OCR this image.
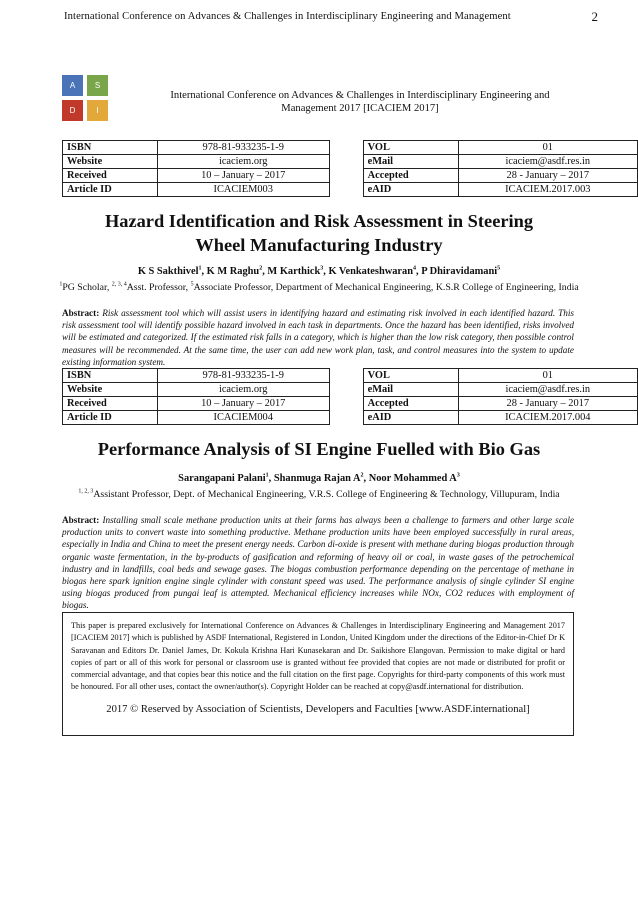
International Conference on Advances & Challenges in Interdisciplinary Engineering and Management	2
A	S
D	I
International Conference on Advances & Challenges in Interdisciplinary Engineering and
Management 2017 [ICACIEM 2017]
ISBN	978-81-933235-1-9		VOL	01
Website	icaciem.org		eMail	icaciem@asdf.res.in
Received	10 – January – 2017		Accepted	28 - January – 2017
Article ID	ICACIEM003		eAID	ICACIEM.2017.003
Hazard Identification and Risk Assessment in Steering
Wheel Manufacturing Industry
K S Sakthivel$^1$, K M Raghu$^2$, M Karthick$^3$, K Venkateshwaran$^4$, P Dhiravidamani$^5$
$^1$PG Scholar, $^{2, 3, 4}$Asst. Professor, $^5$Associate Professor, Department of Mechanical Engineering, K.S.R College of Engineering, India
Abstract: Risk assessment tool which will assist users in identifying hazard and estimating risk involved in each identified hazard. This risk assessment tool will identify possible hazard involved in each task in departments. Once the hazard has been identified, risks involved will be estimated and categorized. If the estimated risk falls in a category, which is higher than the low risk category, then possible control measures will be recommended. At the same time, the user can add new work plan, task, and control measures into the system to update existing information system.
ISBN	978-81-933235-1-9		VOL	01
Website	icaciem.org		eMail	icaciem@asdf.res.in
Received	10 – January – 2017		Accepted	28 - January – 2017
Article ID	ICACIEM004		eAID	ICACIEM.2017.004
Performance Analysis of SI Engine Fuelled with Bio Gas
Sarangapani Palani$^1$, Shanmuga Rajan $A^2$, Noor Mohammed $A^3$
$^{1, 2, 3}$Assistant Professor, Dept. of Mechanical Engineering, V.R.S. College of Engineering & Technology, Villupuram, India
Abstract: Installing small scale methane production units at their farms has always been a challenge to farmers and other large scale production units to convert waste into something productive. Methane production units have been employed successfully in rural areas, especially in India and China to meet the present energy needs. Carbon di-oxide is present with methane during biogas production through organic waste fermentation, in the by-products of gasification and reforming of heavy oil or coal, in waste gases of the petrochemical industry and in landfills, coal beds and sewage gases. The biogas combustion performance depending on the percentage of methane in biogas here spark ignition engine single cylinder with constant speed was used. The performance analysis of single cylinder SI engine using biogas produced from pungai leaf is attempted. Mechanical efficiency increases while NOx, CO2 reduces with employment of biogas.
This paper is prepared exclusively for International Conference on Advances & Challenges in Interdisciplinary Engineering and Management 2017 [ICACIEM 2017] which is published by ASDF International, Registered in London, United Kingdom under the directions of the Editor-in-Chief Dr K Saravanan and Editors Dr. Daniel James, Dr. Kokula Krishna Hari Kunasekaran and Dr. Saikishore Elangovan. Permission to make digital or hard copies of part or all of this work for personal or classroom use is granted without fee provided that copies are not made or distributed for profit or commercial advantage, and that copies bear this notice and the full citation on the first page. Copyrights for third-party components of this work must be honoured. For all other uses, contact the owner/author(s). Copyright Holder can be reached at copy@asdf.international for distribution.
2017 © Reserved by Association of Scientists, Developers and Faculties [www.ASDF.international]
